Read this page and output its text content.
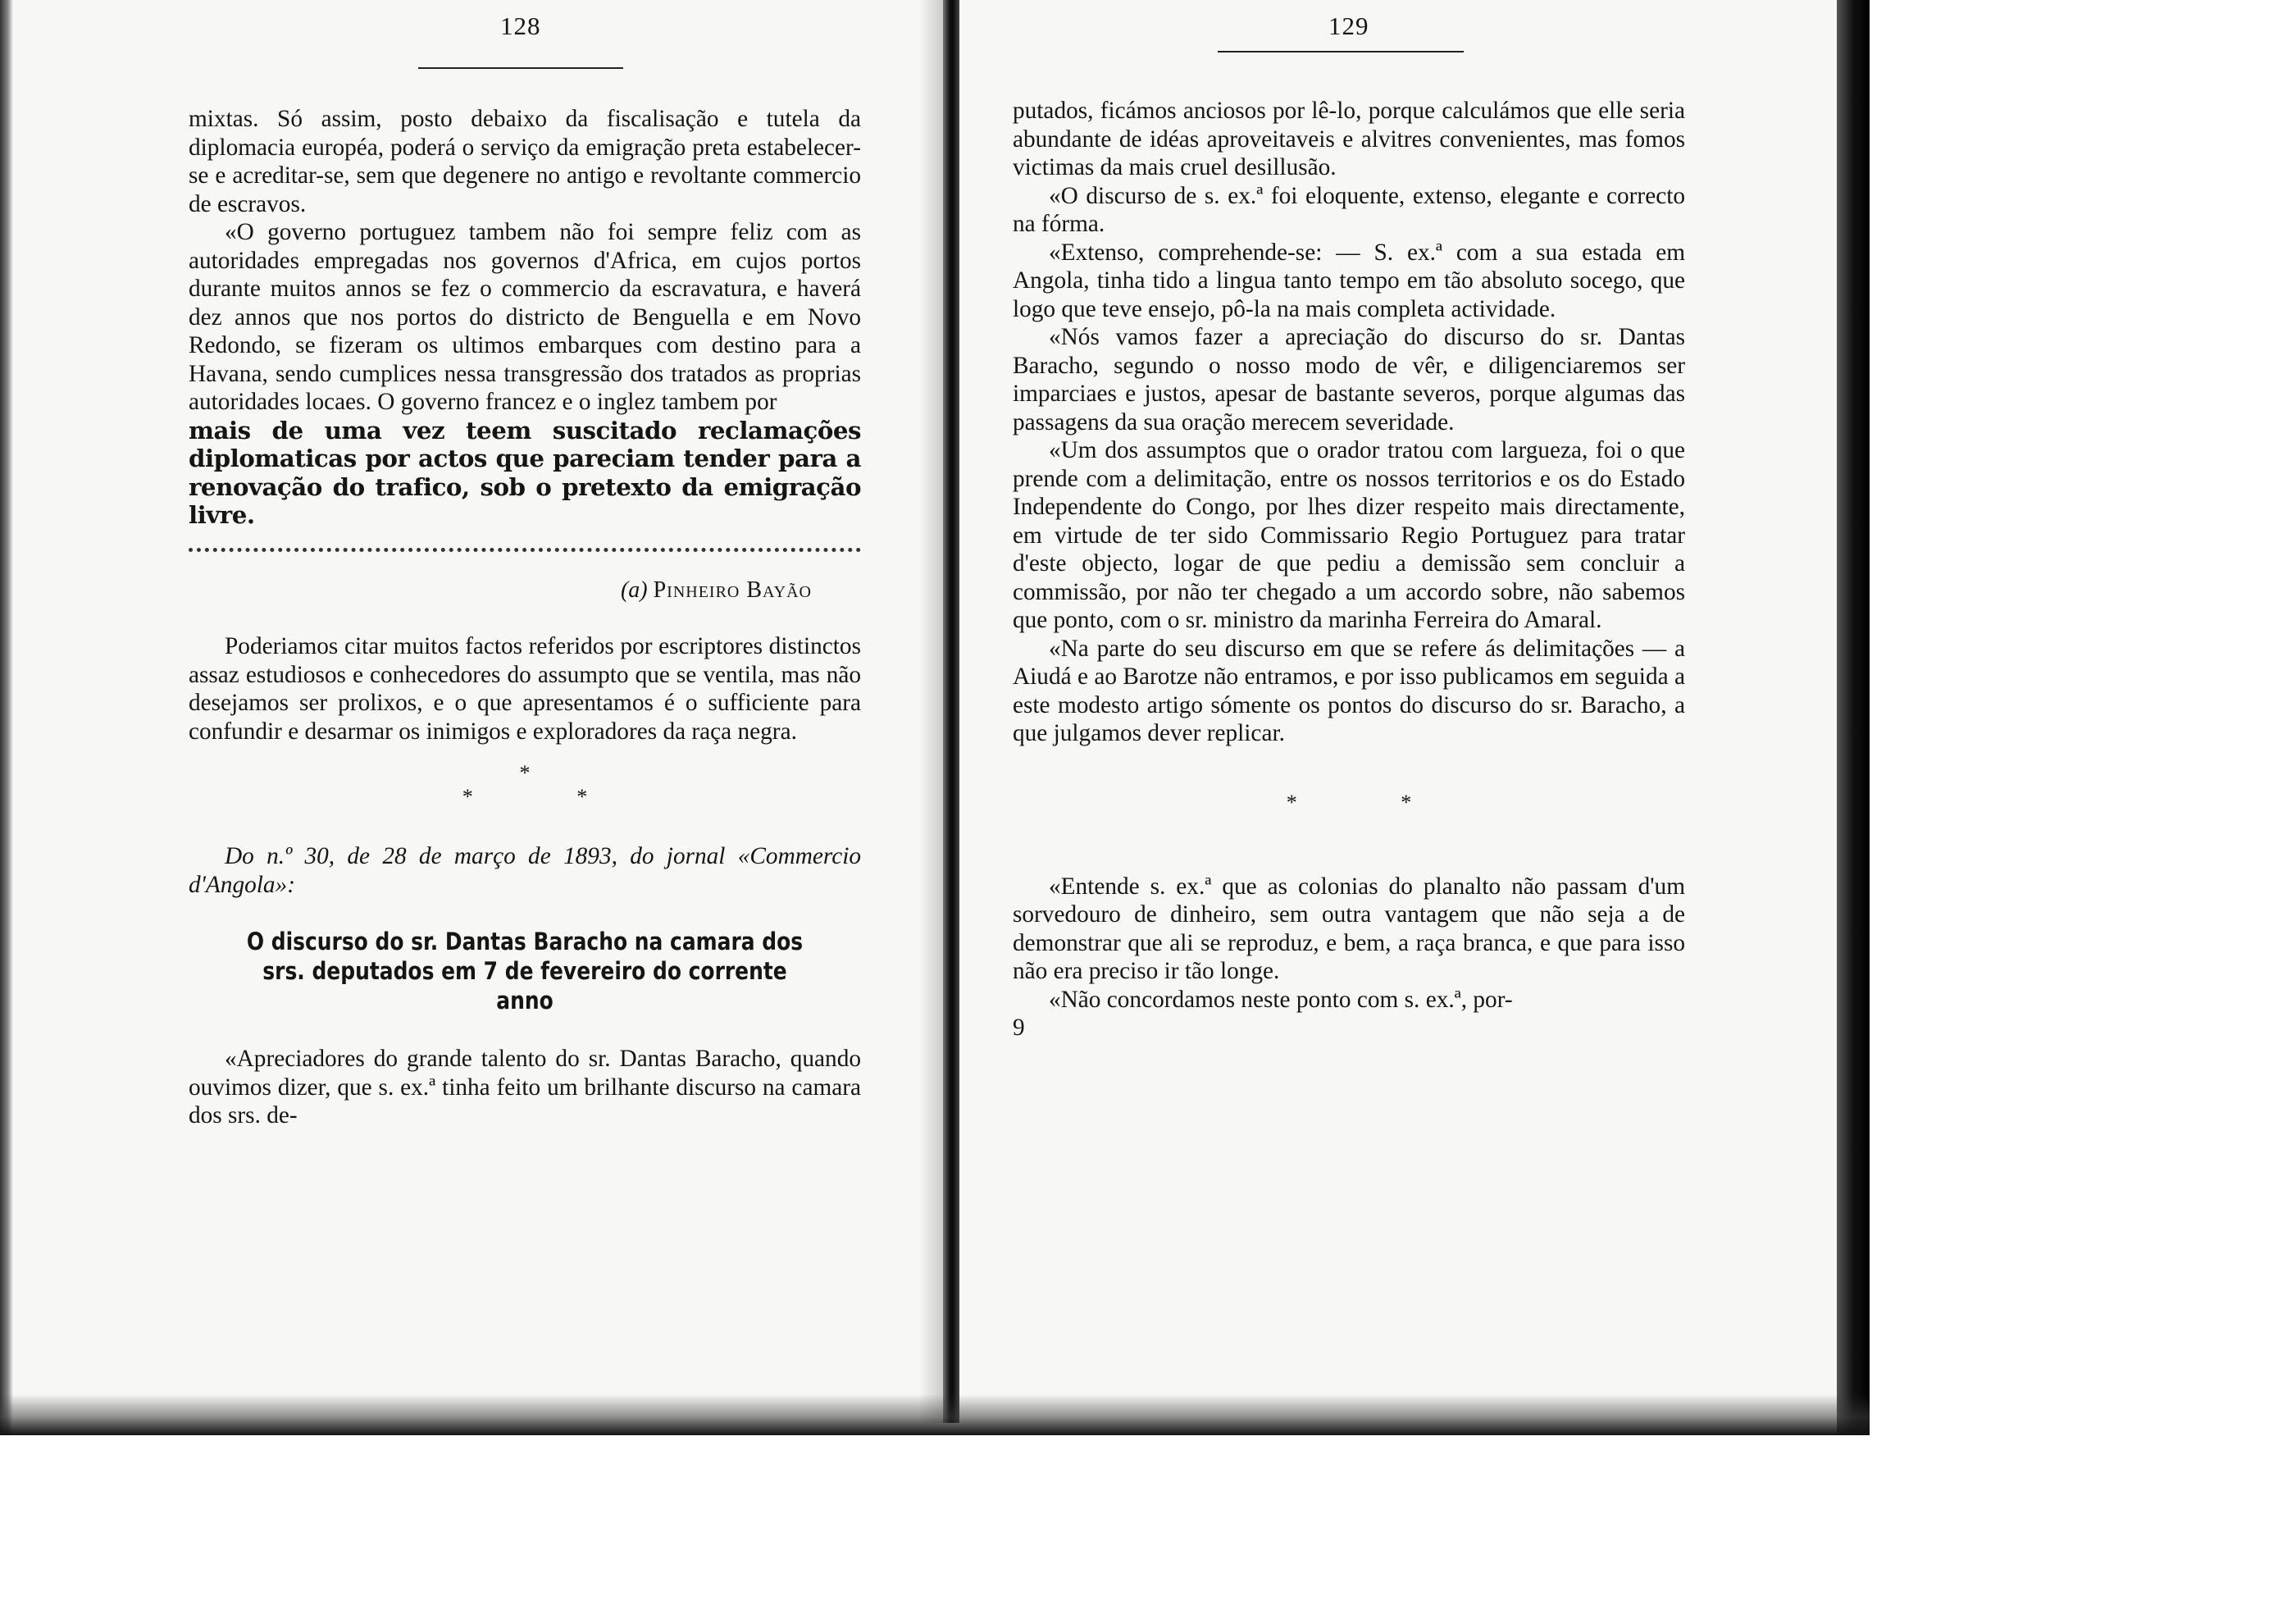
128

mixtas. Só assim, posto debaixo da fiscalisação e tutela da diplomacia européa, poderá o serviço da emigração preta estabelecer-se e acreditar-se, sem que degenere no antigo e revoltante commercio de escravos.

«O governo portuguez tambem não foi sempre feliz com as autoridades empregadas nos governos d'Africa, em cujos portos durante muitos annos se fez o commercio da escravatura, e haverá dez annos que nos portos do districto de Benguella e em Novo Redondo, se fizeram os ultimos embarques com destino para a Havana, sendo cumplices nessa transgressão dos tratados as proprias autoridades locaes. O governo francez e o inglez tambem por

mais de uma vez teem suscitado reclamações diplomaticas por actos que pareciam tender para a renovação do trafico, sob o pretexto da emigração livre.

(a) Pinheiro Bayão

Poderiamos citar muitos factos referidos por escriptores distinctos assaz estudiosos e conhecedores do assumpto que se ventila, mas não desejamos ser prolixos, e o que apresentamos é o sufficiente para confundir e desarmar os inimigos e exploradores da raça negra.

*
* *

Do n.º 30, de 28 de março de 1893, do jornal «Commercio d'Angola»:

O discurso do sr. Dantas Baracho na camara dos srs. deputados em 7 de fevereiro do corrente anno

«Apreciadores do grande talento do sr. Dantas Baracho, quando ouvimos dizer, que s. ex.ª tinha feito um brilhante discurso na camara dos srs. de-

129

putados, ficámos anciosos por lê-lo, porque calculámos que elle seria abundante de idéas aproveitaveis e alvitres convenientes, mas fomos victimas da mais cruel desillusão.

«O discurso de s. ex.ª foi eloquente, extenso, elegante e correcto na fórma.

«Extenso, comprehende-se: — S. ex.ª com a sua estada em Angola, tinha tido a lingua tanto tempo em tão absoluto socego, que logo que teve ensejo, pô-la na mais completa actividade.

«Nós vamos fazer a apreciação do discurso do sr. Dantas Baracho, segundo o nosso modo de vêr, e diligenciaremos ser imparciaes e justos, apesar de bastante severos, porque algumas das passagens da sua oração merecem severidade.

«Um dos assumptos que o orador tratou com largueza, foi o que prende com a delimitação, entre os nossos territorios e os do Estado Independente do Congo, por lhes dizer respeito mais directamente, em virtude de ter sido Commissario Regio Portuguez para tratar d'este objecto, logar de que pediu a demissão sem concluir a commissão, por não ter chegado a um accordo sobre, não sabemos que ponto, com o sr. ministro da marinha Ferreira do Amaral.

«Na parte do seu discurso em que se refere ás delimitações — a Aiudá e ao Barotze não entramos, e por isso publicamos em seguida a este modesto artigo sómente os pontos do discurso do sr. Baracho, a que julgamos dever replicar.

* *

«Entende s. ex.ª que as colonias do planalto não passam d'um sorvedouro de dinheiro, sem outra vantagem que não seja a de demonstrar que ali se reproduz, e bem, a raça branca, e que para isso não era preciso ir tão longe.

«Não concordamos neste ponto com s. ex.ª, por-

9
